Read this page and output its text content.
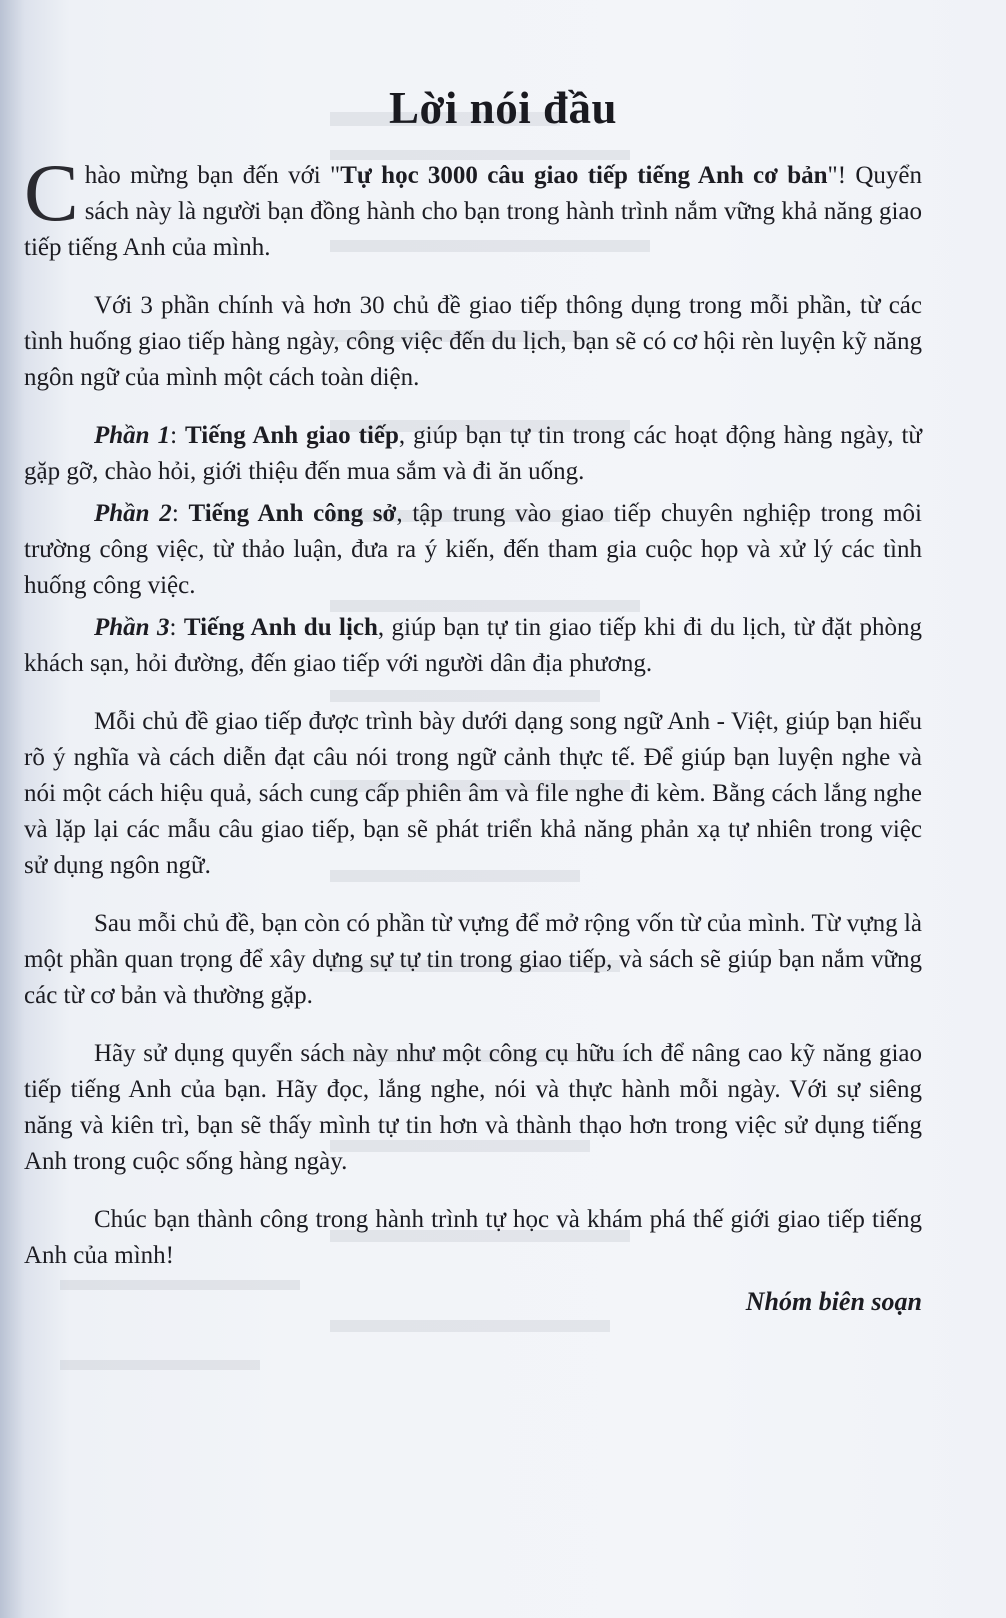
Lời nói đầu

Chào mừng bạn đến với "Tự học 3000 câu giao tiếp tiếng Anh cơ bản"! Quyển sách này là người bạn đồng hành cho bạn trong hành trình nắm vững khả năng giao tiếp tiếng Anh của mình.

Với 3 phần chính và hơn 30 chủ đề giao tiếp thông dụng trong mỗi phần, từ các tình huống giao tiếp hàng ngày, công việc đến du lịch, bạn sẽ có cơ hội rèn luyện kỹ năng ngôn ngữ của mình một cách toàn diện.

Phần 1: Tiếng Anh giao tiếp, giúp bạn tự tin trong các hoạt động hàng ngày, từ gặp gỡ, chào hỏi, giới thiệu đến mua sắm và đi ăn uống.

Phần 2: Tiếng Anh công sở, tập trung vào giao tiếp chuyên nghiệp trong môi trường công việc, từ thảo luận, đưa ra ý kiến, đến tham gia cuộc họp và xử lý các tình huống công việc.

Phần 3: Tiếng Anh du lịch, giúp bạn tự tin giao tiếp khi đi du lịch, từ đặt phòng khách sạn, hỏi đường, đến giao tiếp với người dân địa phương.

Mỗi chủ đề giao tiếp được trình bày dưới dạng song ngữ Anh - Việt, giúp bạn hiểu rõ ý nghĩa và cách diễn đạt câu nói trong ngữ cảnh thực tế. Để giúp bạn luyện nghe và nói một cách hiệu quả, sách cung cấp phiên âm và file nghe đi kèm. Bằng cách lắng nghe và lặp lại các mẫu câu giao tiếp, bạn sẽ phát triển khả năng phản xạ tự nhiên trong việc sử dụng ngôn ngữ.

Sau mỗi chủ đề, bạn còn có phần từ vựng để mở rộng vốn từ của mình. Từ vựng là một phần quan trọng để xây dựng sự tự tin trong giao tiếp, và sách sẽ giúp bạn nắm vững các từ cơ bản và thường gặp.

Hãy sử dụng quyển sách này như một công cụ hữu ích để nâng cao kỹ năng giao tiếp tiếng Anh của bạn. Hãy đọc, lắng nghe, nói và thực hành mỗi ngày. Với sự siêng năng và kiên trì, bạn sẽ thấy mình tự tin hơn và thành thạo hơn trong việc sử dụng tiếng Anh trong cuộc sống hàng ngày.

Chúc bạn thành công trong hành trình tự học và khám phá thế giới giao tiếp tiếng Anh của mình!

Nhóm biên soạn
